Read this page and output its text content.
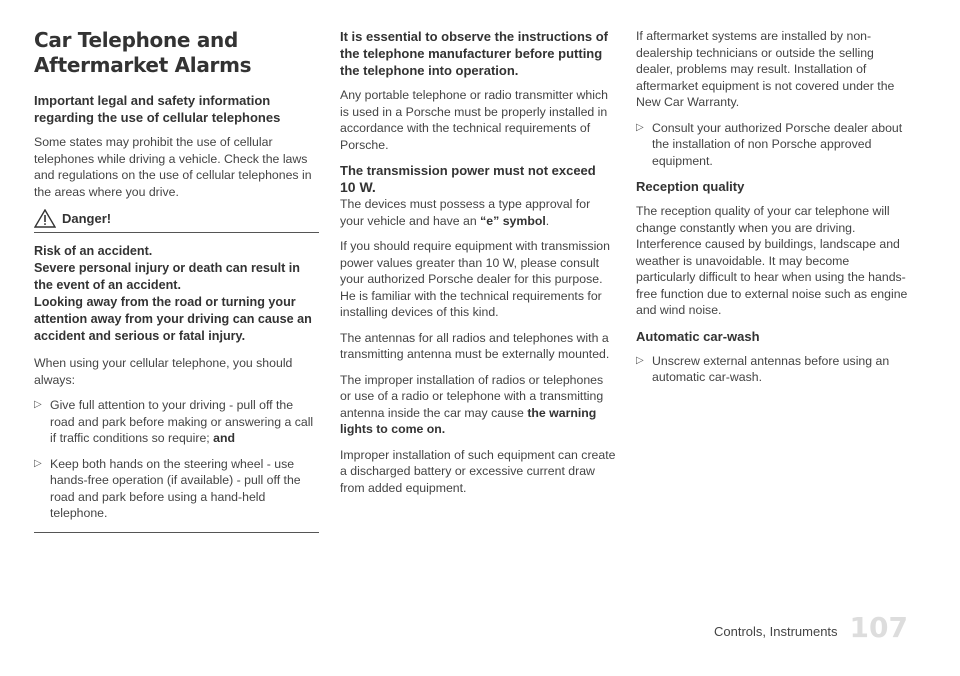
Car Telephone and
Aftermarket Alarms
Important legal and safety information regarding the use of cellular telephones
Some states may prohibit the use of cellular telephones while driving a vehicle. Check the laws and regulations on the use of cellular telephones in the areas where you drive.
Danger!
Risk of an accident.
Severe personal injury or death can result in the event of an accident.
Looking away from the road or turning your attention away from your driving can cause an accident and serious or fatal injury.
When using your cellular telephone, you should always:
▷ Give full attention to your driving - pull off the road and park before making or answering a call if traffic conditions so require; and
▷ Keep both hands on the steering wheel - use hands-free operation (if available) - pull off the road and park before using a hand-held telephone.
It is essential to observe the instructions of the telephone manufacturer before putting the telephone into operation.
Any portable telephone or radio transmitter which is used in a Porsche must be properly installed in accordance with the technical requirements of Porsche.
The transmission power must not exceed
10 W.
The devices must possess a type approval for your vehicle and have an “e” symbol.
If you should require equipment with transmission power values greater than 10 W, please consult your authorized Porsche dealer for this purpose. He is familiar with the technical requirements for installing devices of this kind.
The antennas for all radios and telephones with a transmitting antenna must be externally mounted.
The improper installation of radios or telephones or use of a radio or telephone with a transmitting antenna inside the car may cause the warning lights to come on.
Improper installation of such equipment can create a discharged battery or excessive current draw from added equipment.
If aftermarket systems are installed by non-dealership technicians or outside the selling dealer, problems may result. Installation of aftermarket equipment is not covered under the New Car Warranty.
▷ Consult your authorized Porsche dealer about the installation of non Porsche approved equipment.
Reception quality
The reception quality of your car telephone will change constantly when you are driving. Interference caused by buildings, landscape and weather is unavoidable. It may become particularly difficult to hear when using the hands-free function due to external noise such as engine and wind noise.
Automatic car-wash
▷ Unscrew external antennas before using an automatic car-wash.
Controls, Instruments 107
